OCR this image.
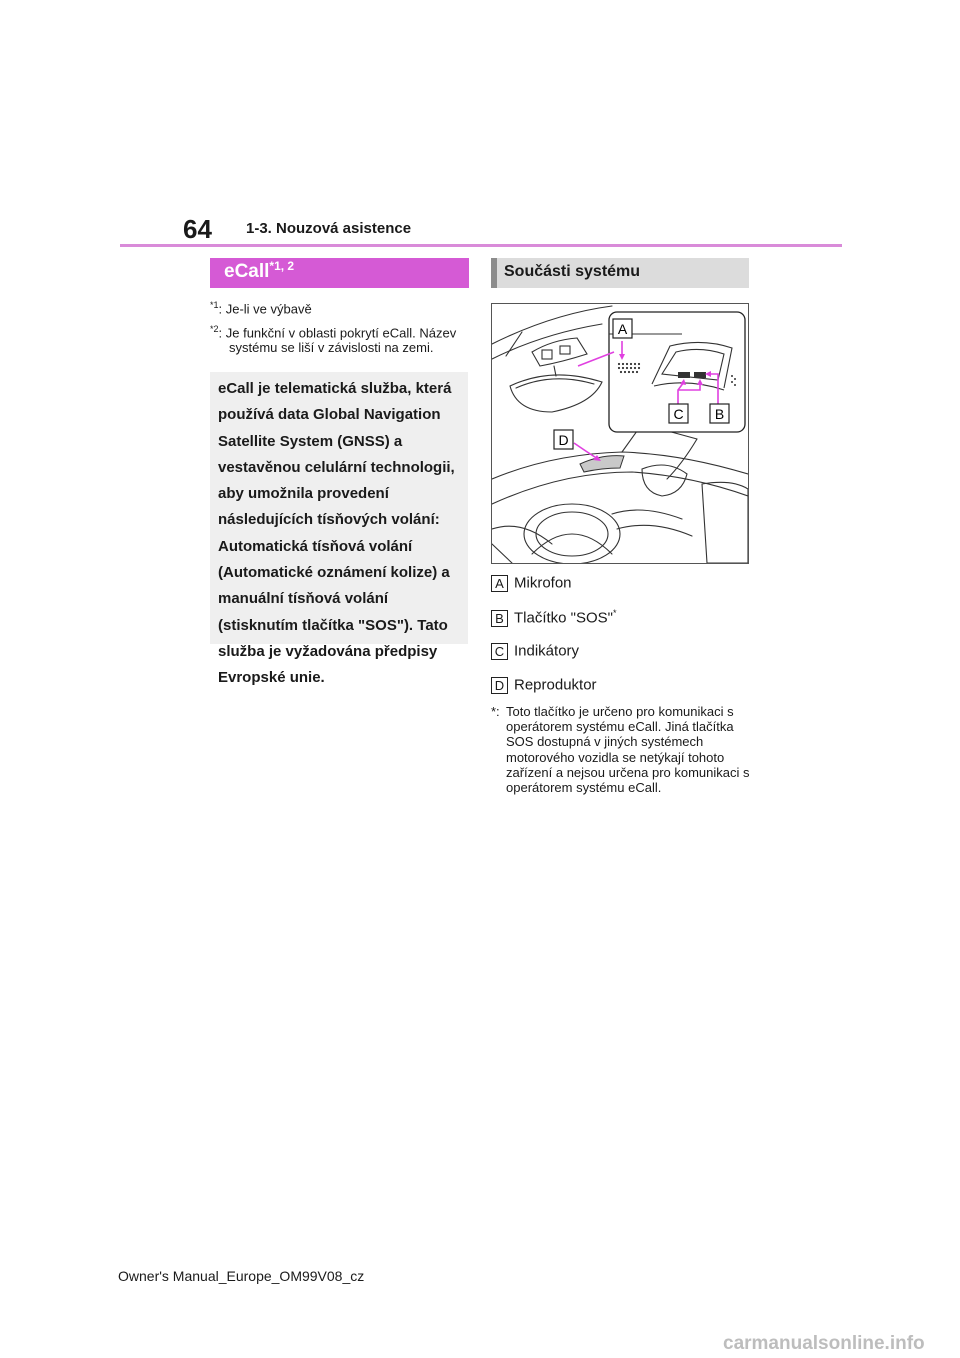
64 1-3. Nouzová asistence
eCall$^{*1, 2}$
$^{*1}$: Je-li ve výbavě
$^{*2}$: Je funkční v oblasti pokrytí eCall. Název systému se liší v závislosti na zemi.
eCall je telematická služba, která používá data Global Navigation Satellite System (GNSS) a vestavěnou celulární technologii, aby umožnila provedení následujících tísňových volání: Automatická tísňová volání (Automatické oznámení kolize) a manuální tísňová volání (stisknutím tlačítka "SOS"). Tato služba je vyžadována předpisy Evropské unie.
Součásti systému
A
C B
D
A Mikrofon
B Tlačítko "SOS"*
C Indikátory
D Reproduktor
*: Toto tlačítko je určeno pro komunikaci s operátorem systému eCall. Jiná tlačítka SOS dostupná v jiných systémech motorového vozidla se netýkají tohoto zařízení a nejsou určena pro komunikaci s operátorem systému eCall.
Owner's Manual_Europe_OM99V08_cz
carmanualsonline.info
